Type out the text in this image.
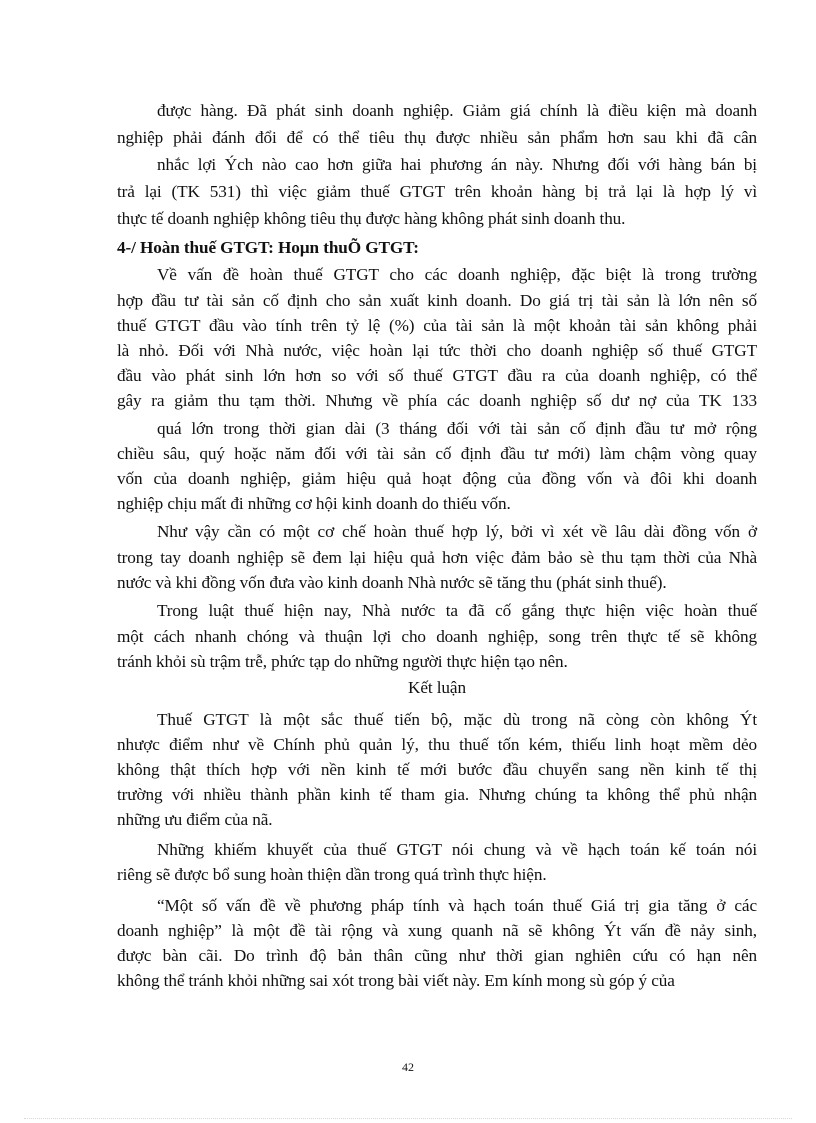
được hàng. Đã phát sinh doanh nghiệp. Giảm giá chính là điều kiện mà doanh
nghiệp phải đánh đổi để có thể tiêu thụ được nhiều sản phẩm hơn sau khi đã cân
nhắc lợi Ých nào cao hơn giữa hai phương án này. Nhưng đối với hàng bán bị
trả lại (TK 531) thì việc giảm thuế GTGT trên khoản hàng bị trả lại là hợp lý vì
thực tế doanh nghiệp không tiêu thụ được hàng không phát sinh doanh thu.
4-/ Hoàn thuế GTGT: Hoµn thuÕ GTGT:
Về vấn đề hoàn thuế GTGT cho các doanh nghiệp, đặc biệt là trong trường
hợp đầu tư tài sản cố định cho sản xuất kinh doanh. Do giá trị tài sản là lớn nên số
thuế GTGT đầu vào tính trên tỷ lệ (%) của tài sản là một khoản tài sản không phải
là nhỏ. Đối với Nhà nước, việc hoàn lại tức thời cho doanh nghiệp số thuế GTGT
đầu vào phát sinh lớn hơn so với số thuế GTGT đầu ra của doanh nghiệp, có thể
gây ra giảm thu tạm thời. Nhưng về phía các doanh nghiệp số dư nợ của TK 133
quá lớn trong thời gian dài (3 tháng đối với tài sản cố định đầu tư mở rộng
chiều sâu, quý hoặc năm đối với tài sản cố định đầu tư mới) làm chậm vòng quay
vốn của doanh nghiệp, giảm hiệu quả hoạt động của đồng vốn và đôi khi doanh
nghiệp chịu mất đi những cơ hội kinh doanh do thiếu vốn.
Như vậy cần có một cơ chế hoàn thuế hợp lý, bởi vì xét về lâu dài đồng vốn ở
trong tay doanh nghiệp sẽ đem lại hiệu quả hơn việc đảm bảo sè thu tạm thời của Nhà
nước và khi đồng vốn đưa vào kinh doanh Nhà nước sẽ tăng thu (phát sinh thuế).
Trong luật thuế hiện nay, Nhà nước ta đã cố gắng thực hiện việc hoàn thuế
một cách nhanh chóng và thuận lợi cho doanh nghiệp, song trên thực tế sẽ không
tránh khỏi sù trậm trễ, phức tạp do những người thực hiện tạo nên.
Kết luận
Thuế GTGT là một sắc thuế tiến bộ, mặc dù trong nã còng còn không Ýt
nhược điểm như về Chính phủ quản lý, thu thuế tốn kém, thiếu linh hoạt mềm dẻo
không thật thích hợp với nền kinh tế mới bước đầu chuyển sang nền kinh tế thị
trường với nhiều thành phần kinh tế tham gia. Nhưng chúng ta không thể phủ nhận
những ưu điểm của nã.
Những khiếm khuyết của thuế GTGT nói chung và về hạch toán kế toán nói
riêng sẽ được bổ sung hoàn thiện dần trong quá trình thực hiện.
“Một số vấn đề về phương pháp tính và hạch toán thuế Giá trị gia tăng ở các
doanh nghiệp” là một đề tài rộng và xung quanh nã sẽ không Ýt vấn đề nảy sinh,
được bàn cãi. Do trình độ bản thân cũng như thời gian nghiên cứu có hạn nên
không thể tránh khỏi những sai xót trong bài viết này. Em kính mong sù góp ý của
42
